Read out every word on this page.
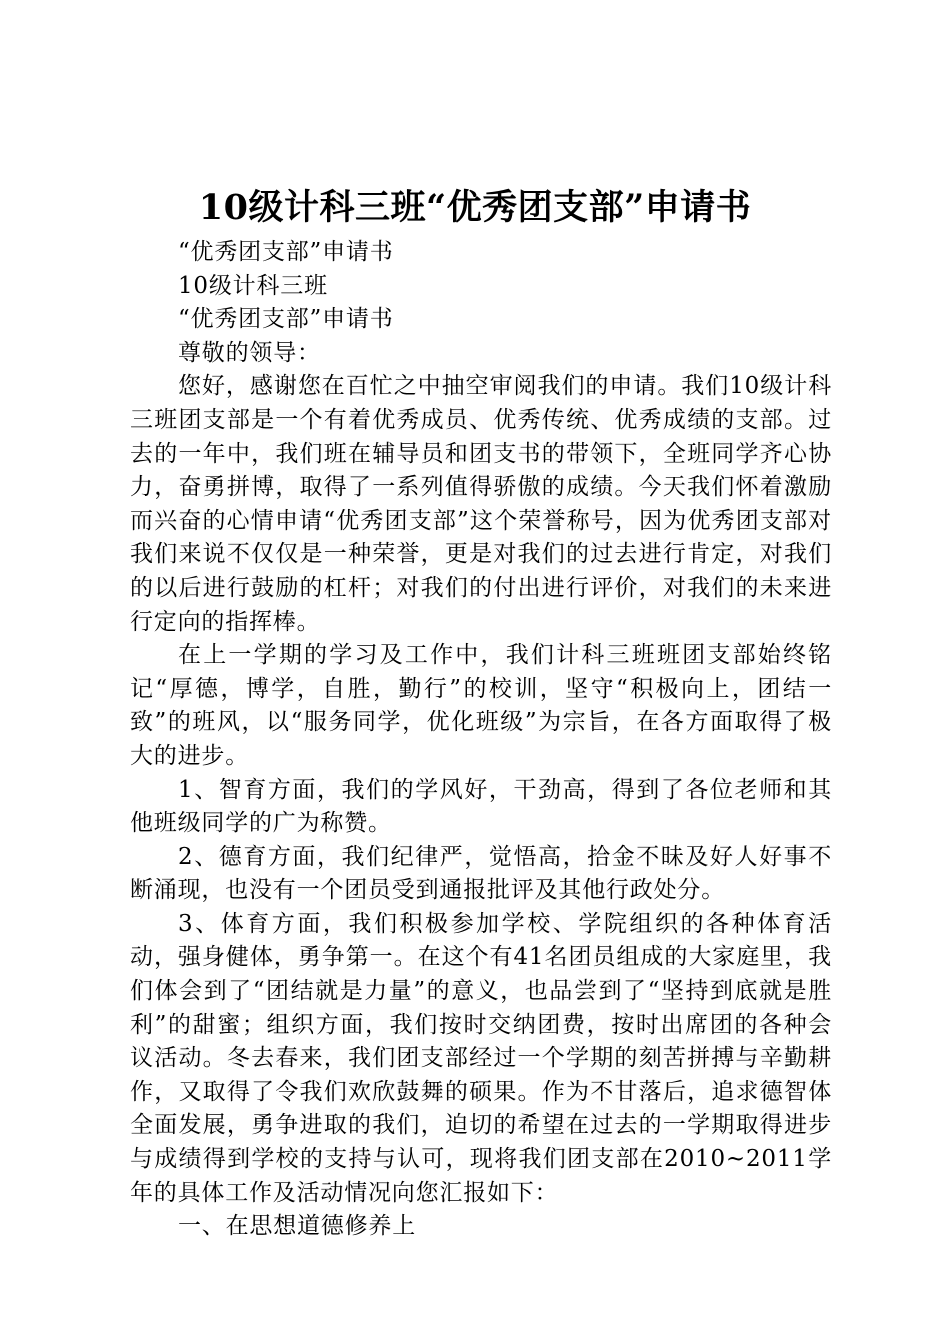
10级计科三班“优秀团支部”申请书

“优秀团支部”申请书

10级计科三班

“优秀团支部”申请书

尊敬的领导：

您好，感谢您在百忙之中抽空审阅我们的申请。我们10级计科三班团支部是一个有着优秀成员、优秀传统、优秀成绩的支部。过去的一年中，我们班在辅导员和团支书的带领下，全班同学齐心协力，奋勇拼博，取得了一系列值得骄傲的成绩。今天我们怀着激励而兴奋的心情申请“优秀团支部”这个荣誉称号，因为优秀团支部对我们来说不仅仅是一种荣誉，更是对我们的过去进行肯定，对我们的以后进行鼓励的杠杆；对我们的付出进行评价，对我们的未来进行定向的指挥棒。

在上一学期的学习及工作中，我们计科三班班团支部始终铭记“厚德，博学，自胜，勤行”的校训，坚守“积极向上，团结一致”的班风，以“服务同学，优化班级”为宗旨，在各方面取得了极大的进步。

1、智育方面，我们的学风好，干劲高，得到了各位老师和其他班级同学的广为称赞。

2、德育方面，我们纪律严，觉悟高，拾金不昧及好人好事不断涌现，也没有一个团员受到通报批评及其他行政处分。

3、体育方面，我们积极参加学校、学院组织的各种体育活动，强身健体，勇争第一。在这个有41名团员组成的大家庭里，我们体会到了“团结就是力量”的意义，也品尝到了“坚持到底就是胜利”的甜蜜；组织方面，我们按时交纳团费，按时出席团的各种会议活动。冬去春来，我们团支部经过一个学期的刻苦拼搏与辛勤耕作，又取得了令我们欢欣鼓舞的硕果。作为不甘落后，追求德智体全面发展，勇争进取的我们，迫切的希望在过去的一学期取得进步与成绩得到学校的支持与认可，现将我们团支部在2010~2011学年的具体工作及活动情况向您汇报如下：

一、在思想道德修养上
